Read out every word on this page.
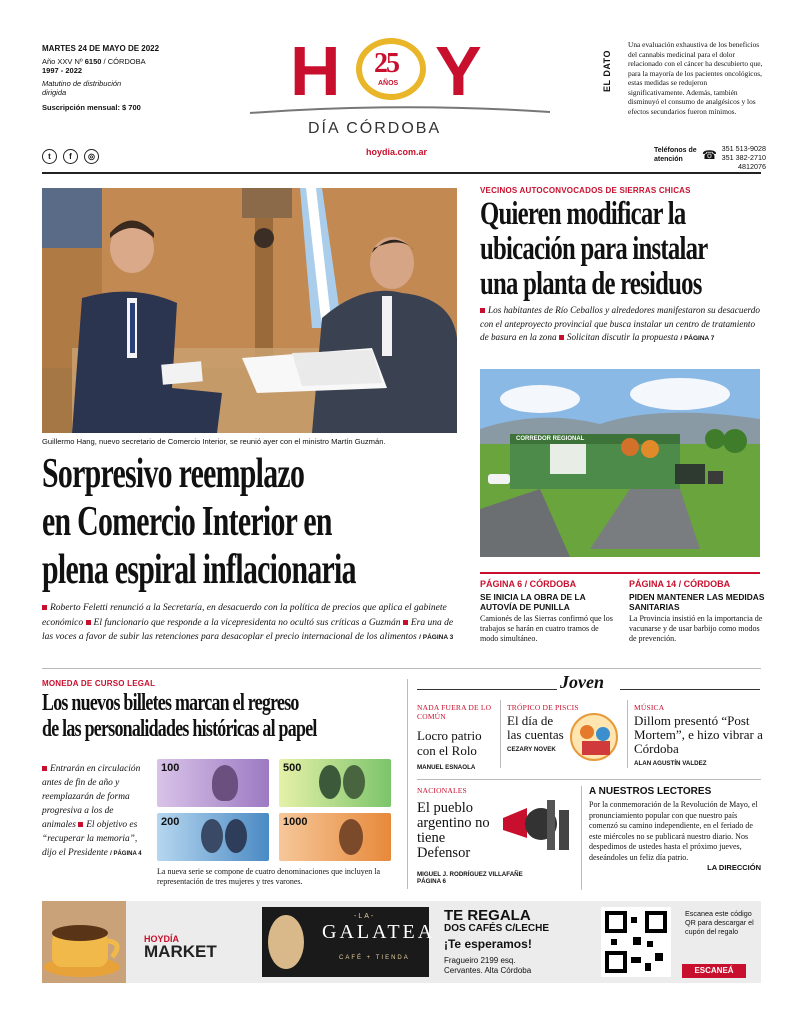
MARTES 24 DE MAYO DE 2022
Año XXV Nº 6150 / CÓRDOBA
1997 - 2022
Matutino de distribución dirigida
Suscripción mensual: $ 700
t	f	◎
H 25
AÑOS Y
DÍA CÓRDOBA
hoydia.com.ar
EL DATO
Una evaluación exhaustiva de los beneficios del cannabis medicinal para el dolor relacionado con el cáncer ha descubierto que, para la mayoría de los pacientes oncológicos, estas medidas se redujeron significativamente. Además, también disminuyó el consumo de analgésicos y los efectos secundarios fueron mínimos.
Teléfonos de atención	☎ 351 513-9028
351 382-2710
4812076
Guillermo Hang, nuevo secretario de Comercio Interior, se reunió ayer con el ministro Martín Guzmán.
Sorpresivo reemplazo
en Comercio Interior en
plena espiral inflacionaria
Roberto Feletti renunció a la Secretaría, en desacuerdo con la política de precios que aplica el gabinete económico El funcionario que responde a la vicepresidenta no ocultó sus críticas a Guzmán Era una de las voces a favor de subir las retenciones para desacoplar el precio internacional de los alimentos / PÁGINA 3
VECINOS AUTOCONVOCADOS DE SIERRAS CHICAS
Quieren modificar la
ubicación para instalar
una planta de residuos
Los habitantes de Río Ceballos y alrededores manifestaron su desacuerdo con el anteproyecto provincial que busca instalar un centro de tratamiento de basura en la zona Solicitan discutir la propuesta / PÁGINA 7
CORREDOR REGIONAL
PÁGINA 6 / CÓRDOBA
SE INICIA LA OBRA DE LA AUTOVÍA DE PUNILLA
Camionés de las Sierras confirmó que los trabajos se harán en cuatro tramos de modo simultáneo.
PÁGINA 14 / CÓRDOBA
PIDEN MANTENER LAS MEDIDAS SANITARIAS
La Provincia insistió en la importancia de vacunarse y de usar barbijo como modos de prevención.
MONEDA DE CURSO LEGAL
Los nuevos billetes marcan el regreso
de las personalidades históricas al papel
Entrarán en circulación antes de fin de año y reemplazarán de forma progresiva a los de animales El objetivo es “recuperar la memoria”, dijo el Presidente / PÁGINA 4
100	500
200	1000
La nueva serie se compone de cuatro denominaciones que incluyen la representación de tres mujeres y tres varones.
Joven
NADA FUERA DE LO COMÚN
Locro patrio con el Rolo
MANUEL ESNAOLA
TRÓPICO DE PISCIS
El día de las cuentas
CEZARY NOVEK
MÚSICA
Dillom presentó “Post Mortem”, e hizo vibrar a Córdoba
ALAN AGUSTÍN VALDEZ
NACIONALES
El pueblo argentino no tiene Defensor
MIGUEL J. RODRÍGUEZ VILLAFAÑE
PÁGINA 6
A NUESTROS LECTORES
Por la conmemoración de la Revolución de Mayo, el pronunciamiento popular con que nuestro país comenzó su camino independiente, en el feriado de este miércoles no se publicará nuestro diario. Nos despedimos de ustedes hasta el próximo jueves, deseándoles un feliz día patrio.
LA DIRECCIÓN
HOYDÍA
MARKET
-LA-
GALATEA
CAFÉ + TIENDA
TE REGALA
DOS CAFÉS C/LECHE
¡Te esperamos!
Fragueiro 2199 esq. Cervantes. Alta Córdoba
Escanea este código QR para descargar el cupón del regalo
ESCANEÁ
